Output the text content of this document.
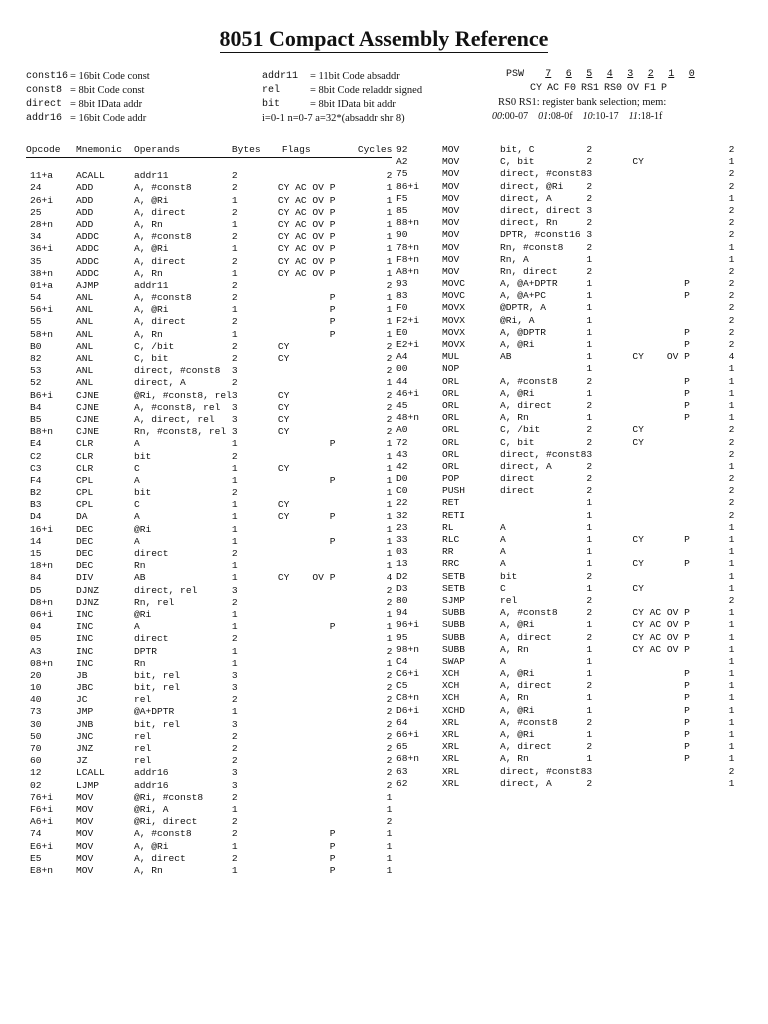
8051 Compact Assembly Reference
const16 = 16bit Code const
const8 = 8bit Code const
direct = 8bit IData addr
addr16 = 16bit Code addr
addr11	= 11bit Code absaddr
rel	= 8bit Code reladdr signed
bit	= 8bit IData bit addr
i=0-1 n=0-7 a=32*(absaddr shr 8)
PSW	7	6	5	4	3	2	1	0
CY AC F0 RS1 RS0 OV F1 P
RS0 RS1: register bank selection; mem:
00:00-07 01:08-0f 10:10-17 11:18-1f
Opcode	Mnemonic	Operands	Bytes	Flags	Cycles

11+a	ACALL	addr11	2		2
24	ADD	A, #const8	2	CY AC OV P	1
26+i	ADD	A, @Ri	1	CY AC OV P	1
25	ADD	A, direct	2	CY AC OV P	1
28+n	ADD	A, Rn	1	CY AC OV P	1
34	ADDC	A, #const8	2	CY AC OV P	1
36+i	ADDC	A, @Ri	1	CY AC OV P	1
35	ADDC	A, direct	2	CY AC OV P	1
38+n	ADDC	A, Rn	1	CY AC OV P	1
01+a	AJMP	addr11	2		2
54	ANL	A, #const8	2	P	1
56+i	ANL	A, @Ri	1	P	1
55	ANL	A, direct	2	P	1
58+n	ANL	A, Rn	1	P	1
B0	ANL	C, /bit	2	CY	2
82	ANL	C, bit	2	CY	2
53	ANL	direct, #const8	3		2
52	ANL	direct, A	2		1
B6+i	CJNE	@Ri, #const8, rel	3	CY	2
B4	CJNE	A, #const8, rel	3	CY	2
B5	CJNE	A, direct, rel	3	CY	2
B8+n	CJNE	Rn, #const8, rel	3	CY	2
E4	CLR	A	1	P	1
C2	CLR	bit	2		1
C3	CLR	C	1	CY	1
F4	CPL	A	1	P	1
B2	CPL	bit	2		1
B3	CPL	C	1	CY	1
D4	DA	A	1	CY       P	1
16+i	DEC	@Ri	1		1
14	DEC	A	1	P	1
15	DEC	direct	2		1
18+n	DEC	Rn	1		1
84	DIV	AB	1	CY    OV P	4
D5	DJNZ	direct, rel	3		2
D8+n	DJNZ	Rn, rel	2		2
06+i	INC	@Ri	1		1
04	INC	A	1	P	1
05	INC	direct	2		1
A3	INC	DPTR	1		2
08+n	INC	Rn	1		1
20	JB	bit, rel	3		2
10	JBC	bit, rel	3		2
40	JC	rel	2		2
73	JMP	@A+DPTR	1		2
30	JNB	bit, rel	3		2
50	JNC	rel	2		2
70	JNZ	rel	2		2
60	JZ	rel	2		2
12	LCALL	addr16	3		2
02	LJMP	addr16	3		2
76+i	MOV	@Ri, #const8	2		1
F6+i	MOV	@Ri, A	1		1
A6+i	MOV	@Ri, direct	2		2
74	MOV	A, #const8	2	P	1
E6+i	MOV	A, @Ri	1	P	1
E5	MOV	A, direct	2	P	1
E8+n	MOV	A, Rn	1	P	1
92	MOV	bit, C	2		2
A2	MOV	C, bit	2	CY	1
75	MOV	direct, #const8	3		2
86+i	MOV	direct, @Ri	2		2
F5	MOV	direct, A	2		1
85	MOV	direct, direct	3		2
88+n	MOV	direct, Rn	2		2
90	MOV	DPTR, #const16	3		2
78+n	MOV	Rn, #const8	2		1
F8+n	MOV	Rn, A	1		1
A8+n	MOV	Rn, direct	2		2
93	MOVC	A, @A+DPTR	1	P	2
83	MOVC	A, @A+PC	1	P	2
F0	MOVX	@DPTR, A	1		2
F2+i	MOVX	@Ri, A	1		2
E0	MOVX	A, @DPTR	1	P	2
E2+i	MOVX	A, @Ri	1	P	2
A4	MUL	AB	1	CY    OV P	4
00	NOP		1		1
44	ORL	A, #const8	2	P	1
46+i	ORL	A, @Ri	1	P	1
45	ORL	A, direct	2	P	1
48+n	ORL	A, Rn	1	P	1
A0	ORL	C, /bit	2	CY	2
72	ORL	C, bit	2	CY	2
43	ORL	direct, #const8	3		2
42	ORL	direct, A	2		1
D0	POP	direct	2		2
C0	PUSH	direct	2		2
22	RET		1		2
32	RETI		1		2
23	RL	A	1		1
33	RLC	A	1	CY       P	1
03	RR	A	1		1
13	RRC	A	1	CY       P	1
D2	SETB	bit	2		1
D3	SETB	C	1	CY	1
80	SJMP	rel	2		2
94	SUBB	A, #const8	2	CY AC OV P	1
96+i	SUBB	A, @Ri	1	CY AC OV P	1
95	SUBB	A, direct	2	CY AC OV P	1
98+n	SUBB	A, Rn	1	CY AC OV P	1
C4	SWAP	A	1		1
C6+i	XCH	A, @Ri	1	P	1
C5	XCH	A, direct	2	P	1
C8+n	XCH	A, Rn	1	P	1
D6+i	XCHD	A, @Ri	1	P	1
64	XRL	A, #const8	2	P	1
66+i	XRL	A, @Ri	1	P	1
65	XRL	A, direct	2	P	1
68+n	XRL	A, Rn	1	P	1
63	XRL	direct, #const8	3		2
62	XRL	direct, A	2		1
